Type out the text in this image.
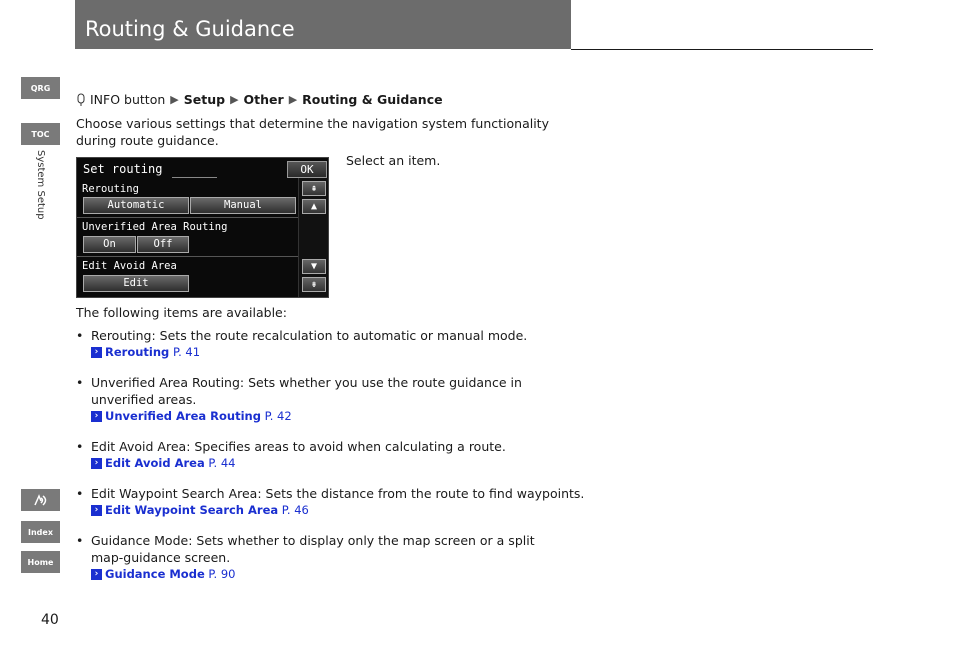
Routing & Guidance
QRG
TOC
System Setup
Index
Home
INFO button ▶ Setup ▶ Other ▶ Routing & Guidance

Choose various settings that determine the navigation system functionality during route guidance.

Set routing	OK
Rerouting
Automatic	Manual
Unverified Area Routing
On	Off
Edit Avoid Area
Edit
⇞
▲
▼
⇟
Select an item.
The following items are available:
• Rerouting: Sets the route recalculation to automatic or manual mode.
› Rerouting
P. 41
• Unverified Area Routing: Sets whether you use the route guidance in unverified areas.
› Unverified Area Routing
P. 42
• Edit Avoid Area: Specifies areas to avoid when calculating a route.
› Edit Avoid Area
P. 44
• Edit Waypoint Search Area: Sets the distance from the route to find waypoints.
› Edit Waypoint Search Area
P. 46
• Guidance Mode: Sets whether to display only the map screen or a split map-guidance screen.
› Guidance Mode
P. 90
40
